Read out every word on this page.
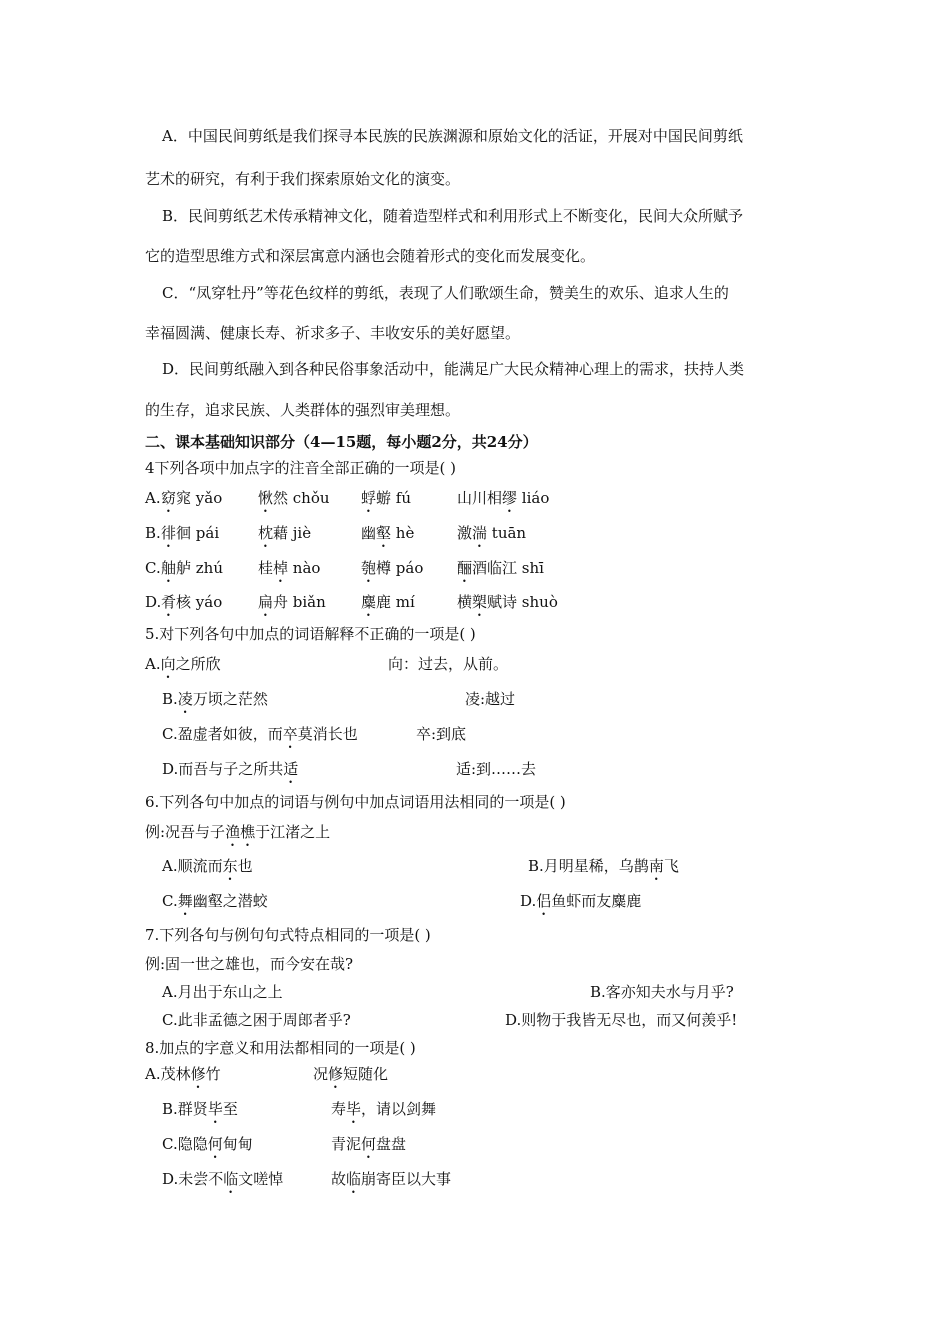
A．中国民间剪纸是我们探寻本民族的民族渊源和原始文化的活证，开展对中国民间剪纸
艺术的研究，有利于我们探索原始文化的演变。
B．民间剪纸艺术传承精神文化，随着造型样式和利用形式上不断变化，民间大众所赋予
它的造型思维方式和深层寓意内涵也会随着形式的变化而发展变化。
C．“凤穿牡丹”等花色纹样的剪纸，表现了人们歌颂生命，赞美生的欢乐、追求人生的
幸福圆满、健康长寿、祈求多子、丰收安乐的美好愿望。
D．民间剪纸融入到各种民俗事象活动中，能满足广大民众精神心理上的需求，扶持人类
的生存，追求民族、人类群体的强烈审美理想。
二、课本基础知识部分（4—15题，每小题2分，共24分）
4下列各项中加点字的注音全部正确的一项是( )
A. 窈窕 yǎo 愀然 chǒu 蜉蝣 fú	山川相缪 liáo
B. 徘徊 pái	枕藉 jiè	幽壑 hè	激湍 tuān
C. 舳舻 zhú 桂棹 nào	匏樽 páo 酾酒临江 shī
D. 肴核 yáo 扁舟 biǎn 麋鹿 mí	横槊赋诗 shuò
5.对下列各句中加点的词语解释不正确的一项是( )
A.向之所欣	向：过去，从前。
B.凌万顷之茫然	凌:越过
C.盈虚者如彼，而卒莫消长也	卒:到底
D.而吾与子之所共适	适:到……去
6.下列各句中加点的词语与例句中加点词语用法相同的一项是( )
例:况吾与子渔樵于江渚之上
A.顺流而东也	B.月明星稀，乌鹊南飞
C.舞幽壑之潜蛟	D.侣鱼虾而友麋鹿
7.下列各句与例句句式特点相同的一项是( )
例:固一世之雄也，而今安在哉?
A.月出于东山之上	B.客亦知夫水与月乎?
C.此非孟德之困于周郎者乎?	D.则物于我皆无尽也，而又何羡乎!
8.加点的字意义和用法都相同的一项是( )
A.茂林修竹	况修短随化
B.群贤毕至	寿毕，请以剑舞
C.隐隐何甸甸	青泥何盘盘
D.未尝不临文嗟悼	故临崩寄臣以大事
